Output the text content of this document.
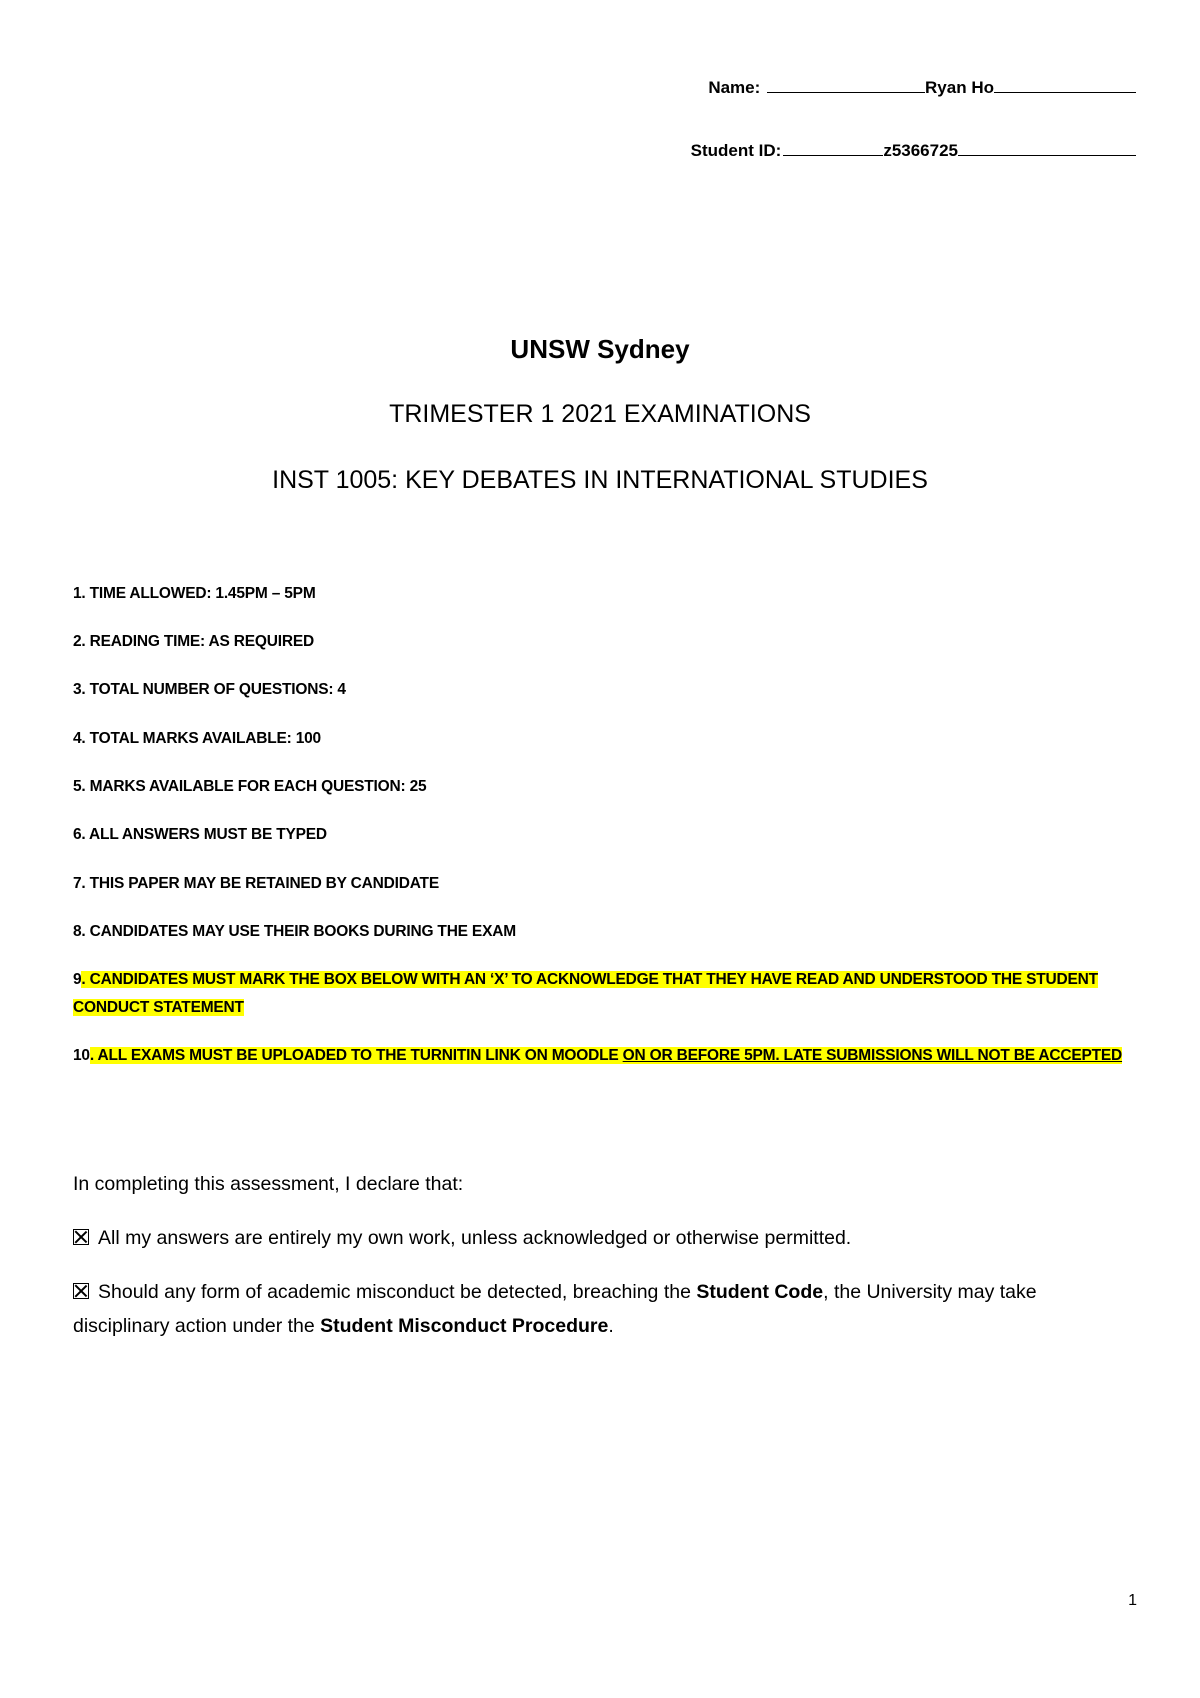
Name:	Ryan Ho
Student ID:	z5366725
UNSW Sydney
TRIMESTER 1 2021 EXAMINATIONS
INST 1005: KEY DEBATES IN INTERNATIONAL STUDIES
1. TIME ALLOWED: 1.45PM – 5PM
2. READING TIME: AS REQUIRED
3. TOTAL NUMBER OF QUESTIONS: 4
4. TOTAL MARKS AVAILABLE: 100
5. MARKS AVAILABLE FOR EACH QUESTION: 25
6. ALL ANSWERS MUST BE TYPED
7. THIS PAPER MAY BE RETAINED BY CANDIDATE
8. CANDIDATES MAY USE THEIR BOOKS DURING THE EXAM
9. CANDIDATES MUST MARK THE BOX BELOW WITH AN ‘X’ TO ACKNOWLEDGE THAT THEY HAVE READ AND UNDERSTOOD THE STUDENT CONDUCT STATEMENT
10. ALL EXAMS MUST BE UPLOADED TO THE TURNITIN LINK ON MOODLE ON OR BEFORE 5PM. LATE SUBMISSIONS WILL NOT BE ACCEPTED
In completing this assessment, I declare that:
All my answers are entirely my own work, unless acknowledged or otherwise permitted.
Should any form of academic misconduct be detected, breaching the Student Code, the University may take disciplinary action under the Student Misconduct Procedure.
1
